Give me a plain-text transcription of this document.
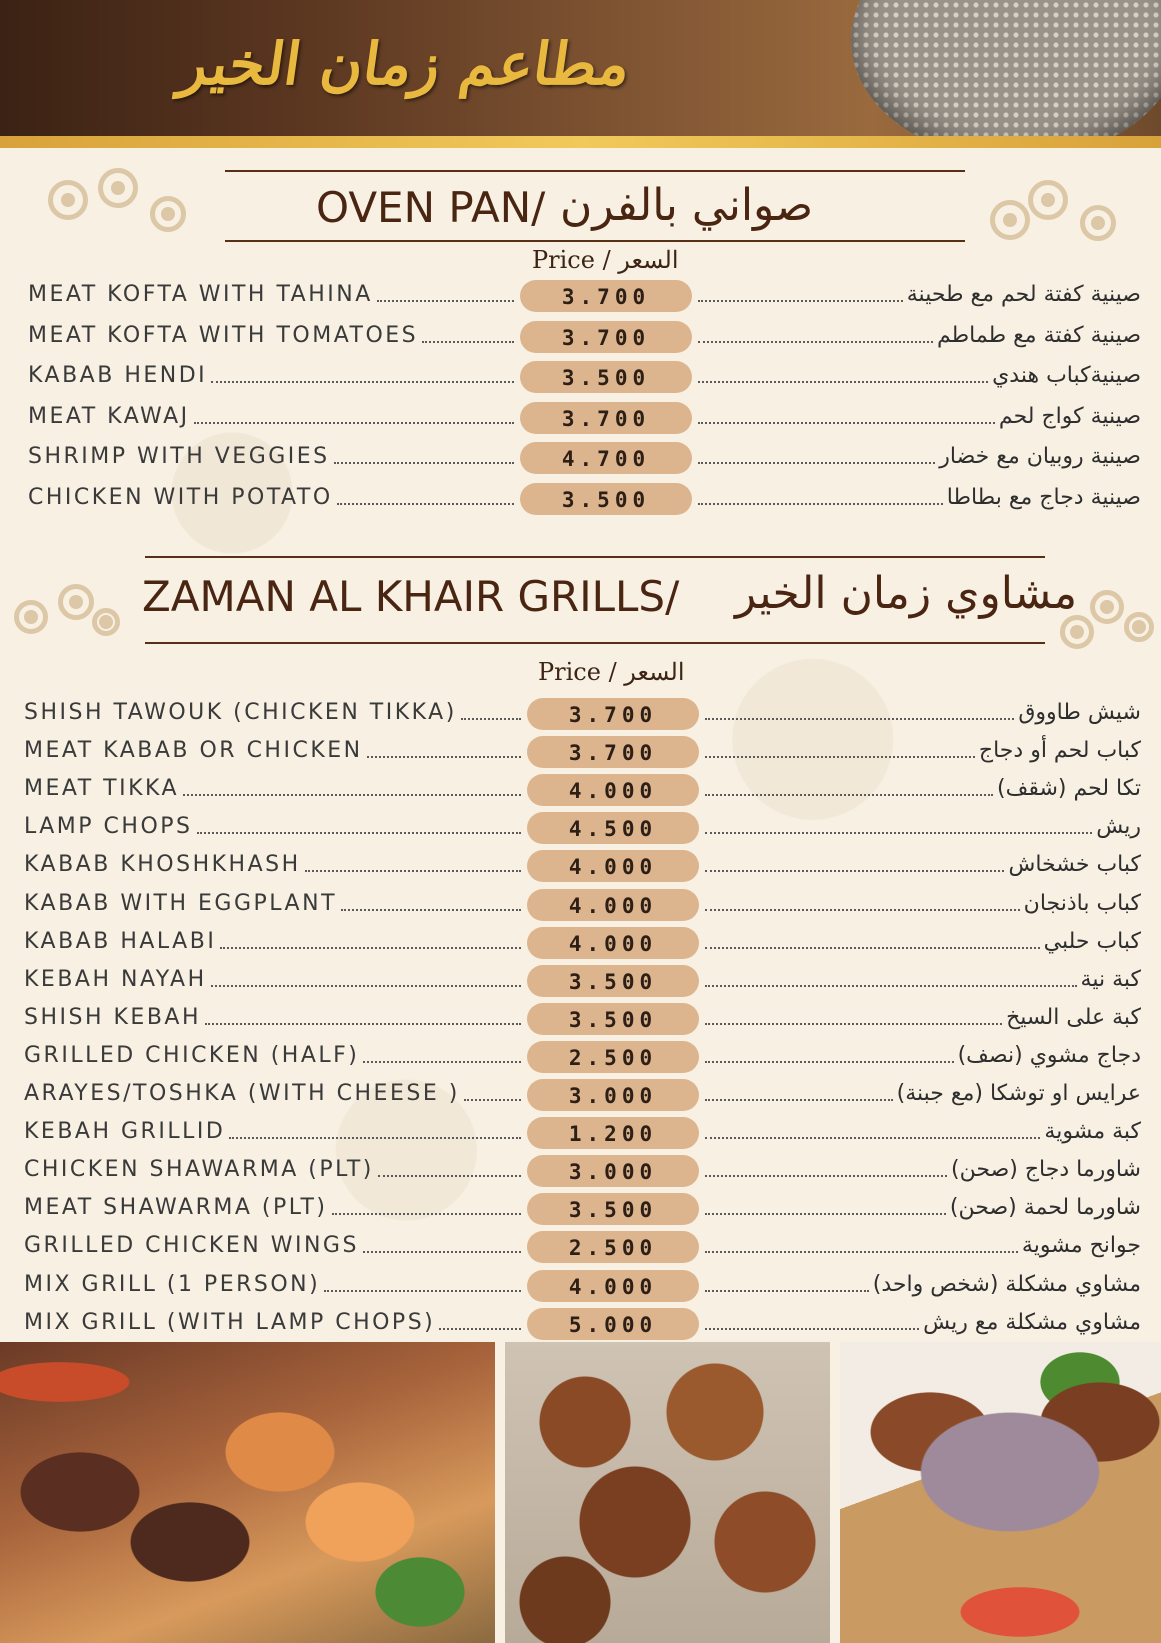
مطاعم زمان الخير
OVEN PAN/ صواني بالفرن
Price / السعر
MEAT KOFTA WITH TAHINA	3.700	صينية كفتة لحم مع طحينة
MEAT KOFTA WITH TOMATOES	3.700	صينية كفتة مع طماطم
KABAB HENDI	3.500	صينيةكباب هندي
MEAT KAWAJ	3.700	صينية كواج لحم
SHRIMP WITH VEGGIES	4.700	صينية روبيان مع خضار
CHICKEN WITH POTATO	3.500	صينية دجاج مع بطاطا
ZAMAN AL KHAIR GRILLS/ مشاوي زمان الخير
Price / السعر
SHISH TAWOUK (CHICKEN TIKKA)	3.700	شيش طاووق
MEAT KABAB OR CHICKEN	3.700	كباب لحم أو دجاج
MEAT TIKKA	4.000	تكا لحم (شقف)
LAMP CHOPS	4.500	ريش
KABAB KHOSHKHASH	4.000	كباب خشخاش
KABAB WITH EGGPLANT	4.000	كباب باذنجان
KABAB HALABI	4.000	كباب حلبي
KEBAH NAYAH	3.500	كبة نية
SHISH KEBAH	3.500	كبة على السيخ
GRILLED CHICKEN (HALF)	2.500	دجاج مشوي (نصف)
ARAYES/TOSHKA (WITH CHEESE )	3.000	عرايس او توشكا (مع جبنة)
KEBAH GRILLID	1.200	كبة مشوية
CHICKEN SHAWARMA (PLT)	3.000	شاورما دجاج (صحن)
MEAT SHAWARMA (PLT)	3.500	شاورما لحمة (صحن)
GRILLED CHICKEN WINGS	2.500	جوانح مشوية
MIX GRILL (1 PERSON)	4.000	مشاوي مشكلة (شخص واحد)
MIX GRILL (WITH LAMP CHOPS)	5.000	مشاوي مشكلة مع ريش
